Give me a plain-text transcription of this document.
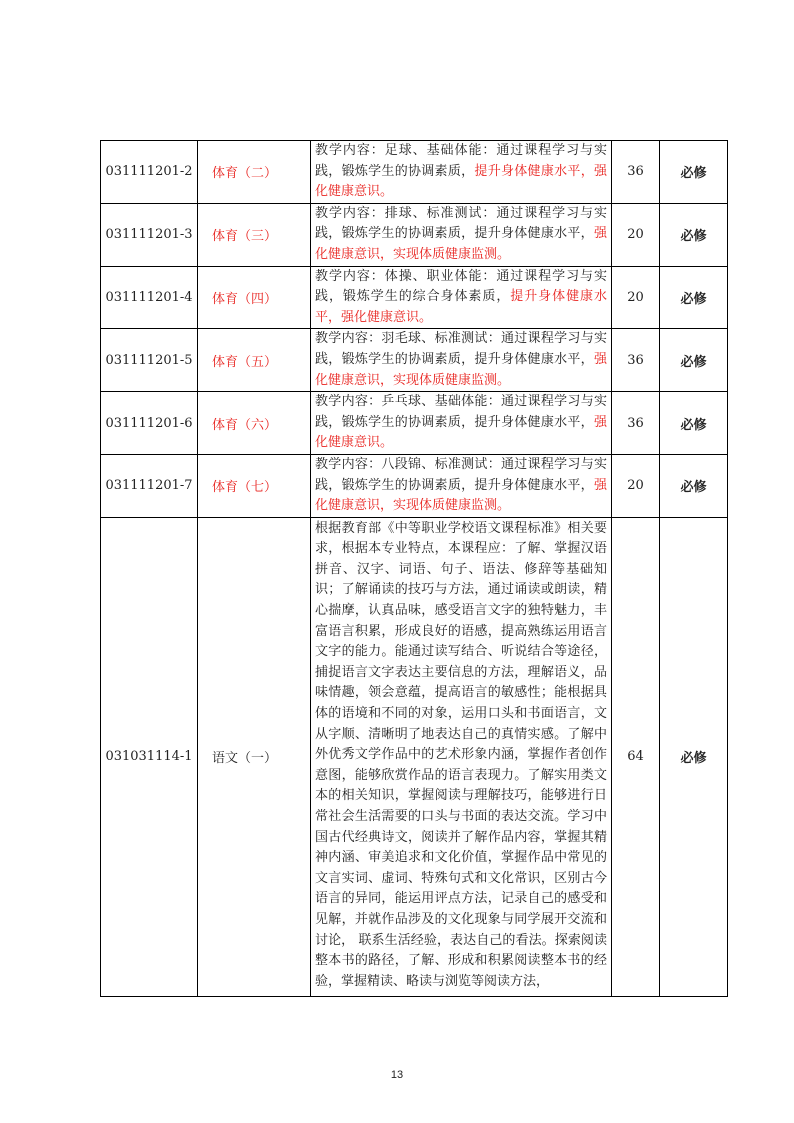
031111201-2	体育（二）	教学内容：足球、基础体能：通过课程学习与实践，锻炼学生的协调素质，提升身体健康水平，强化健康意识。	36	必修
031111201-3	体育（三）	教学内容：排球、标准测试：通过课程学习与实践，锻炼学生的协调素质，提升身体健康水平，强化健康意识，实现体质健康监测。	20	必修
031111201-4	体育（四）	教学内容：体操、职业体能：通过课程学习与实践，锻炼学生的综合身体素质，提升身体健康水平，强化健康意识。	20	必修
031111201-5	体育（五）	教学内容：羽毛球、标准测试：通过课程学习与实践，锻炼学生的协调素质，提升身体健康水平，强化健康意识，实现体质健康监测。	36	必修
031111201-6	体育（六）	教学内容：乒乓球、基础体能：通过课程学习与实践，锻炼学生的协调素质，提升身体健康水平，强化健康意识。	36	必修
031111201-7	体育（七）	教学内容：八段锦、标准测试：通过课程学习与实践，锻炼学生的协调素质，提升身体健康水平，强化健康意识，实现体质健康监测。	20	必修
031031114-1	语文（一）	根据教育部《中等职业学校语文课程标准》相关要求，根据本专业特点，本课程应：了解、掌握汉语拼音、汉字、词语、句子、语法、修辞等基础知识；了解诵读的技巧与方法，通过诵读或朗读，精心揣摩，认真品味，感受语言文字的独特魅力，丰富语言积累，形成良好的语感，提高熟练运用语言文字的能力。能通过读写结合、听说结合等途径，捕捉语言文字表达主要信息的方法，理解语义，品味情趣，领会意蕴，提高语言的敏感性；能根据具体的语境和不同的对象，运用口头和书面语言，文从字顺、清晰明了地表达自己的真情实感。了解中外优秀文学作品中的艺术形象内涵，掌握作者创作意图，能够欣赏作品的语言表现力。了解实用类文本的相关知识，掌握阅读与理解技巧，能够进行日常社会生活需要的口头与书面的表达交流。学习中国古代经典诗文，阅读并了解作品内容，掌握其精神内涵、审美追求和文化价值，掌握作品中常见的文言实词、虚词、特殊句式和文化常识，区别古今语言的异同，能运用评点方法，记录自己的感受和见解，并就作品涉及的文化现象与同学展开交流和讨论， 联系生活经验，表达自己的看法。探索阅读整本书的路径，了解、形成和积累阅读整本书的经验，掌握精读、略读与浏览等阅读方法，	64	必修
13
